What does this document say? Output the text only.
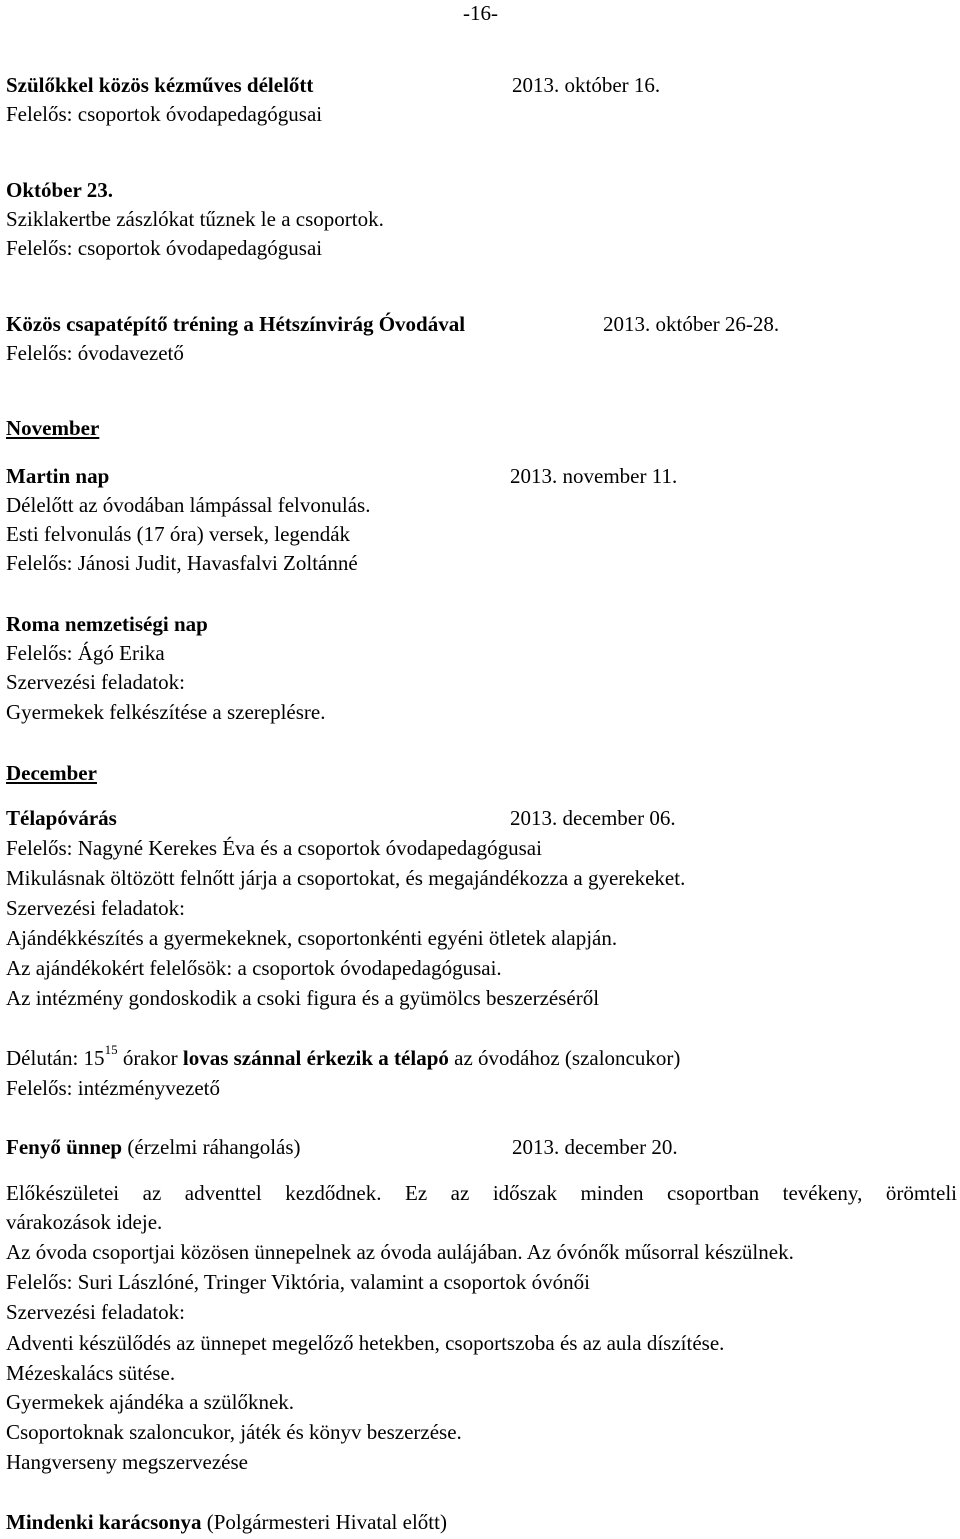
-16-

Szülőkkel közös kézműves délelőtt	2013. október 16.

Felelős: csoportok óvodapedagógusai

Október 23.

Sziklakertbe zászlókat tűznek le a csoportok.

Felelős: csoportok óvodapedagógusai

Közös csapatépítő tréning a Hétszínvirág Óvodával	2013. október 26-28.

Felelős: óvodavezető

November

Martin nap	2013. november 11.

Délelőtt az óvodában lámpással felvonulás.

Esti felvonulás (17 óra) versek, legendák

Felelős: Jánosi Judit, Havasfalvi Zoltánné

Roma nemzetiségi nap

Felelős: Ágó Erika

Szervezési feladatok:

Gyermekek felkészítése a szereplésre.

December

Télapóvárás	2013. december 06.

Felelős: Nagyné Kerekes Éva és a csoportok óvodapedagógusai

Mikulásnak öltözött felnőtt járja a csoportokat, és megajándékozza a gyerekeket.

Szervezési feladatok:

Ajándékkészítés a gyermekeknek, csoportonkénti egyéni ötletek alapján.

Az ajándékokért felelősök: a csoportok óvodapedagógusai.

Az intézmény gondoskodik a csoki figura és a gyümölcs beszerzéséről

Délután: $15^{15}$ órakor lovas szánnal érkezik a télapó az óvodához (szaloncukor)

Felelős: intézményvezető

Fenyő ünnep (érzelmi ráhangolás)	2013. december 20.

Előkészületei az adventtel kezdődnek. Ez az időszak minden csoportban tevékeny, örömteli

várakozások ideje.

Az óvoda csoportjai közösen ünnepelnek az óvoda aulájában. Az óvónők műsorral készülnek.

Felelős: Suri Lászlóné, Tringer Viktória, valamint a csoportok óvónői

Szervezési feladatok:

Adventi készülődés az ünnepet megelőző hetekben, csoportszoba és az aula díszítése.

Mézeskalács sütése.

Gyermekek ajándéka a szülőknek.

Csoportoknak szaloncukor, játék és könyv beszerzése.

Hangverseny megszervezése

Mindenki karácsonya (Polgármesteri Hivatal előtt)
